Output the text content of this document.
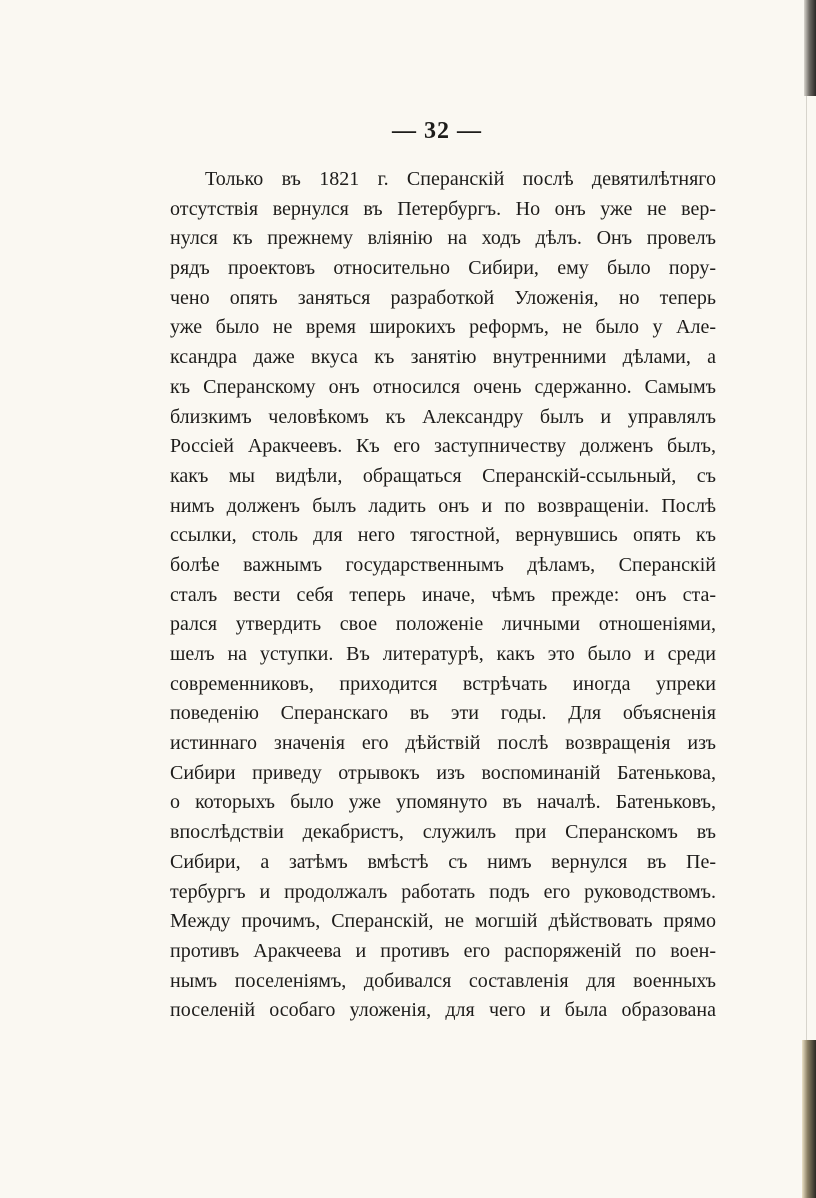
— 32 —
Только въ 1821 г. Сперанскій послѣ девятилѣтняго
отсутствія вернулся въ Петербургъ. Но онъ уже не вер-
нулся къ прежнему вліянію на ходъ дѣлъ. Онъ провелъ
рядъ проектовъ относительно Сибири, ему было пору-
чено опять заняться разработкой Уложенія, но теперь
уже было не время широкихъ реформъ, не было у Але-
ксандра даже вкуса къ занятію внутренними дѣлами, а
къ Сперанскому онъ относился очень сдержанно. Самымъ
близкимъ человѣкомъ къ Александру былъ и управлялъ
Россіей Аракчеевъ. Къ его заступничеству долженъ былъ,
какъ мы видѣли, обращаться Сперанскій-ссыльный, съ
нимъ долженъ былъ ладить онъ и по возвращеніи. Послѣ
ссылки, столь для него тягостной, вернувшись опять къ
болѣе важнымъ государственнымъ дѣламъ, Сперанскій
сталъ вести себя теперь иначе, чѣмъ прежде: онъ ста-
рался утвердить свое положеніе личными отношеніями,
шелъ на уступки. Въ литературѣ, какъ это было и среди
современниковъ, приходится встрѣчать иногда упреки
поведенію Сперанскаго въ эти годы. Для объясненія
истиннаго значенія его дѣйствій послѣ возвращенія изъ
Сибири приведу отрывокъ изъ воспоминаній Батенькова,
о которыхъ было уже упомянуто въ началѣ. Батеньковъ,
впослѣдствіи декабристъ, служилъ при Сперанскомъ въ
Сибири, а затѣмъ вмѣстѣ съ нимъ вернулся въ Пе-
тербургъ и продолжалъ работать подъ его руководствомъ.
Между прочимъ, Сперанскій, не могшій дѣйствовать прямо
противъ Аракчеева и противъ его распоряженій по воен-
нымъ поселеніямъ, добивался составленія для военныхъ
поселеній особаго уложенія, для чего и была образована
